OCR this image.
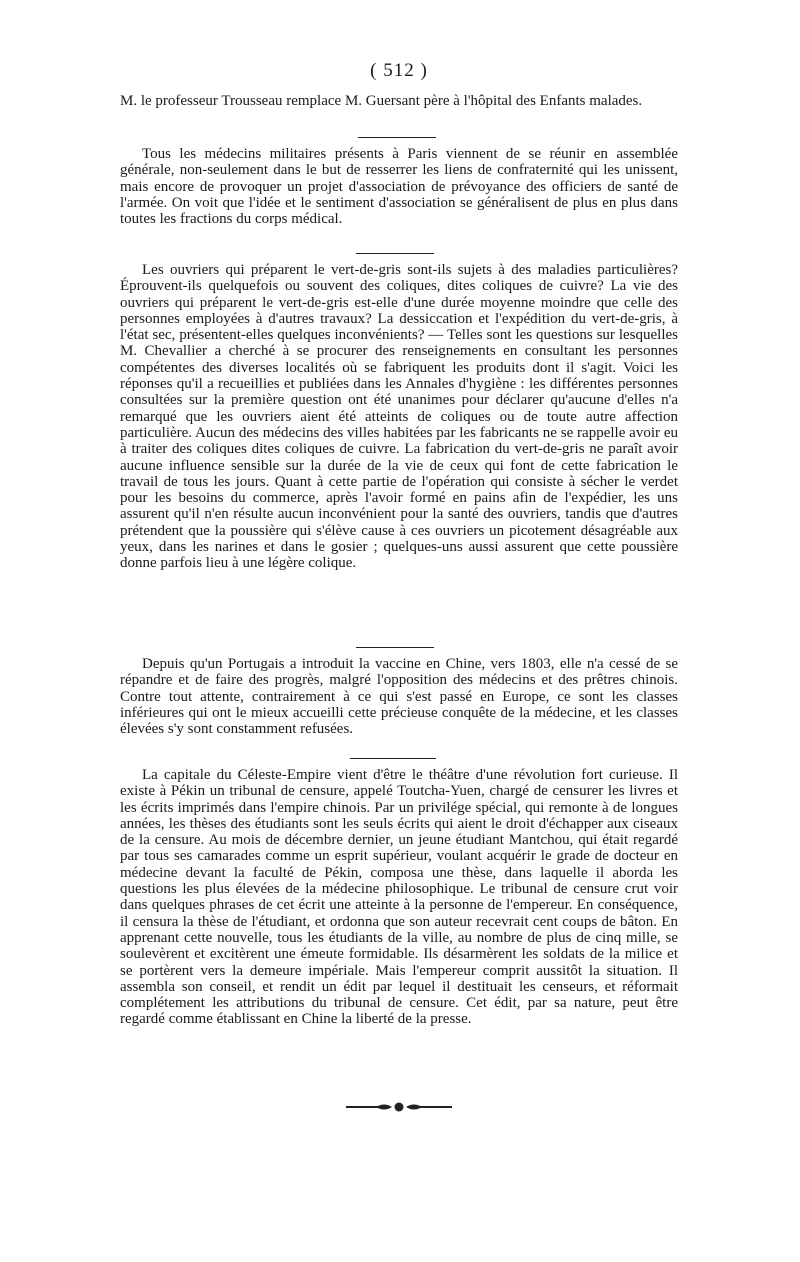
( 512 )

M. le professeur Trousseau remplace M. Guersant père à l'hôpital des Enfants malades.

Tous les médecins militaires présents à Paris viennent de se réunir en assemblée générale, non-seulement dans le but de resserrer les liens de confraternité qui les unissent, mais encore de provoquer un projet d'association de prévoyance des officiers de santé de l'armée. On voit que l'idée et le sentiment d'association se généralisent de plus en plus dans toutes les fractions du corps médical.

Les ouvriers qui préparent le vert-de-gris sont-ils sujets à des maladies particulières? Éprouvent-ils quelquefois ou souvent des coliques, dites coliques de cuivre? La vie des ouvriers qui préparent le vert-de-gris est-elle d'une durée moyenne moindre que celle des personnes employées à d'autres travaux? La dessiccation et l'expédition du vert-de-gris, à l'état sec, présentent-elles quelques inconvénients? — Telles sont les questions sur lesquelles M. Chevallier a cherché à se procurer des renseignements en consultant les personnes compétentes des diverses localités où se fabriquent les produits dont il s'agit. Voici les réponses qu'il a recueillies et publiées dans les Annales d'hygiène : les différentes personnes consultées sur la première question ont été unanimes pour déclarer qu'aucune d'elles n'a remarqué que les ouvriers aient été atteints de coliques ou de toute autre affection particulière. Aucun des médecins des villes habitées par les fabricants ne se rappelle avoir eu à traiter des coliques dites coliques de cuivre. La fabrication du vert-de-gris ne paraît avoir aucune influence sensible sur la durée de la vie de ceux qui font de cette fabrication le travail de tous les jours. Quant à cette partie de l'opération qui consiste à sécher le verdet pour les besoins du commerce, après l'avoir formé en pains afin de l'expédier, les uns assurent qu'il n'en résulte aucun inconvénient pour la santé des ouvriers, tandis que d'autres prétendent que la poussière qui s'élève cause à ces ouvriers un picotement désagréable aux yeux, dans les narines et dans le gosier ; quelques-uns aussi assurent que cette poussière donne parfois lieu à une légère colique.

Depuis qu'un Portugais a introduit la vaccine en Chine, vers 1803, elle n'a cessé de se répandre et de faire des progrès, malgré l'opposition des médecins et des prêtres chinois. Contre tout attente, contrairement à ce qui s'est passé en Europe, ce sont les classes inférieures qui ont le mieux accueilli cette précieuse conquête de la médecine, et les classes élevées s'y sont constamment refusées.

La capitale du Céleste-Empire vient d'être le théâtre d'une révolution fort curieuse. Il existe à Pékin un tribunal de censure, appelé Toutcha-Yuen, chargé de censurer les livres et les écrits imprimés dans l'empire chinois. Par un privilége spécial, qui remonte à de longues années, les thèses des étudiants sont les seuls écrits qui aient le droit d'échapper aux ciseaux de la censure. Au mois de décembre dernier, un jeune étudiant Mantchou, qui était regardé par tous ses camarades comme un esprit supérieur, voulant acquérir le grade de docteur en médecine devant la faculté de Pékin, composa une thèse, dans laquelle il aborda les questions les plus élevées de la médecine philosophique. Le tribunal de censure crut voir dans quelques phrases de cet écrit une atteinte à la personne de l'empereur. En conséquence, il censura la thèse de l'étudiant, et ordonna que son auteur recevrait cent coups de bâton. En apprenant cette nouvelle, tous les étudiants de la ville, au nombre de plus de cinq mille, se soulevèrent et excitèrent une émeute formidable. Ils désarmèrent les soldats de la milice et se portèrent vers la demeure impériale. Mais l'empereur comprit aussitôt la situation. Il assembla son conseil, et rendit un édit par lequel il destituait les censeurs, et réformait complétement les attributions du tribunal de censure. Cet édit, par sa nature, peut être regardé comme établissant en Chine la liberté de la presse.
